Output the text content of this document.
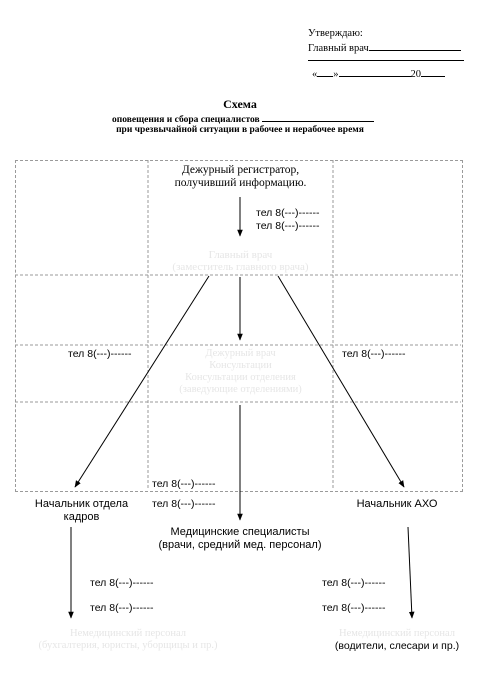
Утверждаю:
Главный врач
« »	20
Схема
оповещения и сбора специалистов
при чрезвычайной ситуации в рабочее и нерабочее время
Дежурный регистратор,
получивший информацию.
тел 8(---)------
тел 8(---)------
Главный врач
(заместитель главного врача)
тел 8(---)------	тел 8(---)------
Дежурный врач
Консультации
Консультации отделения
(заведующие отделениями)
тел 8(---)------
тел 8(---)------
Начальник отдела
кадров
Начальник АХО
Медицинские специалисты
(врачи, средний мед. персонал)
тел 8(---)------
тел 8(---)------
тел 8(---)------
тел 8(---)------
Немедицинский персонал
(бухгалтерия, юристы, уборщицы и пр.)
Немедицинский персонал
(водители, слесари и пр.)
